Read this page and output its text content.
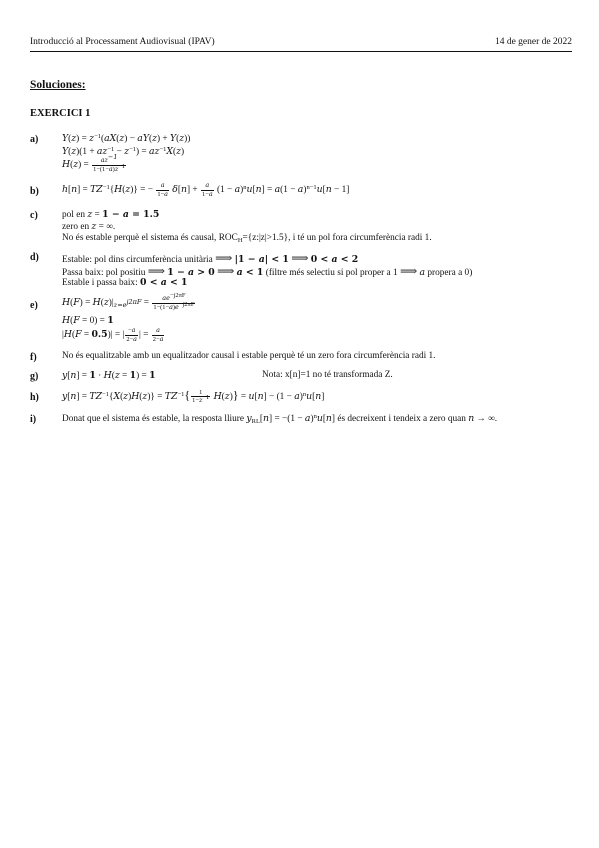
Introducció al Processament Audiovisual (IPAV)	14 de gener de 2022
Soluciones:
EXERCICI 1
a)	$Y(z) = z^{-1}(aX(z) - aY(z) + Y(z))$
$Y(z)(1 + az^{-1} - z^{-1}) = az^{-1}X(z)$
$H(z) = \frac{az^{-1}}{1-(1-a)z^{-1}}$
b) $h[n] = TZ^{-1}\{H(z)\}$ = − $\frac{a}{1-a} \delta[n] + \frac{a}{1-a} (1 - a)^nu[n] = a(1 - a)^{n-1}u[n - 1]$
c)	pol en z = 1 − a = 1.5
zero en z = ∞.
No és estable perquè el sistema és causal, $ROC_H=\{z:|z|>1.5\}$, i té un pol fora circumferència radi 1.
d) Estable: pol dins circumferència unitària ⟹ |1 − a| < 1 ⟹ 0 < a < 2
Passa baix: pol positiu ⟹ 1 − a > 0 ⟹ a < 1 (filtre més selectiu si pol proper a 1 ⟹ a propera a 0)
Estable i passa baix: 0 < a < 1
e)	$H(F) = H(z)|_{z=e^{j2\pi F}} = \frac{ae^{-j2\pi F}}{1-(1-a)e^{-j2\pi F}}$
H(F = 0) = 1
|H(F = 0.5)| = | $\frac{-a}{2-a}$ | = $\frac{a}{2-a}$
f)	No és equalitzable amb un equalitzador causal i estable perquè té un zero fora circumferència radi 1.
g)	y[n] = 1 · H(z = 1) = 1	Nota: x[n]=1 no té transformada Z.
h) $y[n] = TZ^{-1}\{X(z)H(z)\} = TZ^{-1}\{ \frac{1}{1-z^{-1}} H(z)\} = u[n] - (1 - a)^nu[n]$
i)	Donat que el sistema és estable, la resposta lliure $y_{RL}[n] = -(1 - a)^nu[n]$ és decreixent i tendeix a zero quan n → ∞.
